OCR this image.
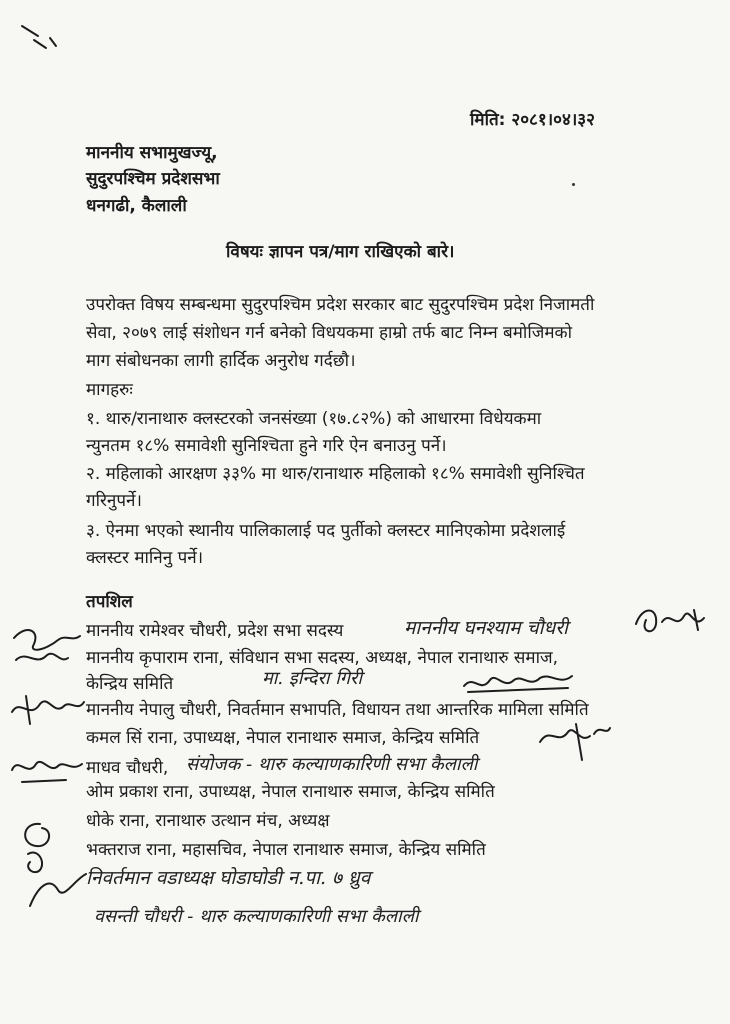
मिति: २०८१।०४।३२
माननीय सभामुखज्यू,
सुदुरपश्चिम प्रदेशसभा
धनगढी, कैलाली
विषयः ज्ञापन पत्र/माग राखिएको बारे।
उपरोक्त विषय सम्बन्धमा सुदुरपश्चिम प्रदेश सरकार बाट सुदुरपश्चिम प्रदेश निजामती
सेवा, २०७९ लाई संशोधन गर्न बनेको विधयकमा हाम्रो तर्फ बाट निम्न बमोजिमको
माग संबोधनका लागी हार्दिक अनुरोध गर्दछौ।
मागहरुः
१. थारु/रानाथारु क्लस्टरको जनसंख्या (१७.८२%) को आधारमा विधेयकमा
न्युनतम १८% समावेशी सुनिश्चिता हुने गरि ऐन बनाउनु पर्ने।
२. महिलाको आरक्षण ३३% मा थारु/रानाथारु महिलाको १८% समावेशी सुनिश्चित
गरिनुपर्ने।
३. ऐनमा भएको स्थानीय पालिकालाई पद पुर्तीको क्लस्टर मानिएकोमा प्रदेशलाई
क्लस्टर मानिनु पर्ने।
तपशिल
माननीय रामेश्वर चौधरी, प्रदेश सभा सदस्य	माननीय घनश्याम चौधरी
माननीय कृपाराम राना, संविधान सभा सदस्य, अध्यक्ष, नेपाल रानाथारु समाज,
केन्द्रिय समिति	मा. इन्दिरा गिरी
माननीय नेपालु चौधरी, निवर्तमान सभापति, विधायन तथा आन्तरिक मामिला समिति
कमल सिं राना, उपाध्यक्ष, नेपाल रानाथारु समाज, केन्द्रिय समिति
माधव चौधरी, संयोजक - थारु कल्याणकारिणी सभा कैलाली
ओम प्रकाश राना, उपाध्यक्ष, नेपाल रानाथारु समाज, केन्द्रिय समिति
धोके राना, रानाथारु उत्थान मंच, अध्यक्ष
भक्तराज राना, महासचिव, नेपाल रानाथारु समाज, केन्द्रिय समिति
निवर्तमान वडाध्यक्ष घोडाघोडी न.पा. ७ ध्रुव
वसन्ती चौधरी - थारु कल्याणकारिणी सभा कैलाली
